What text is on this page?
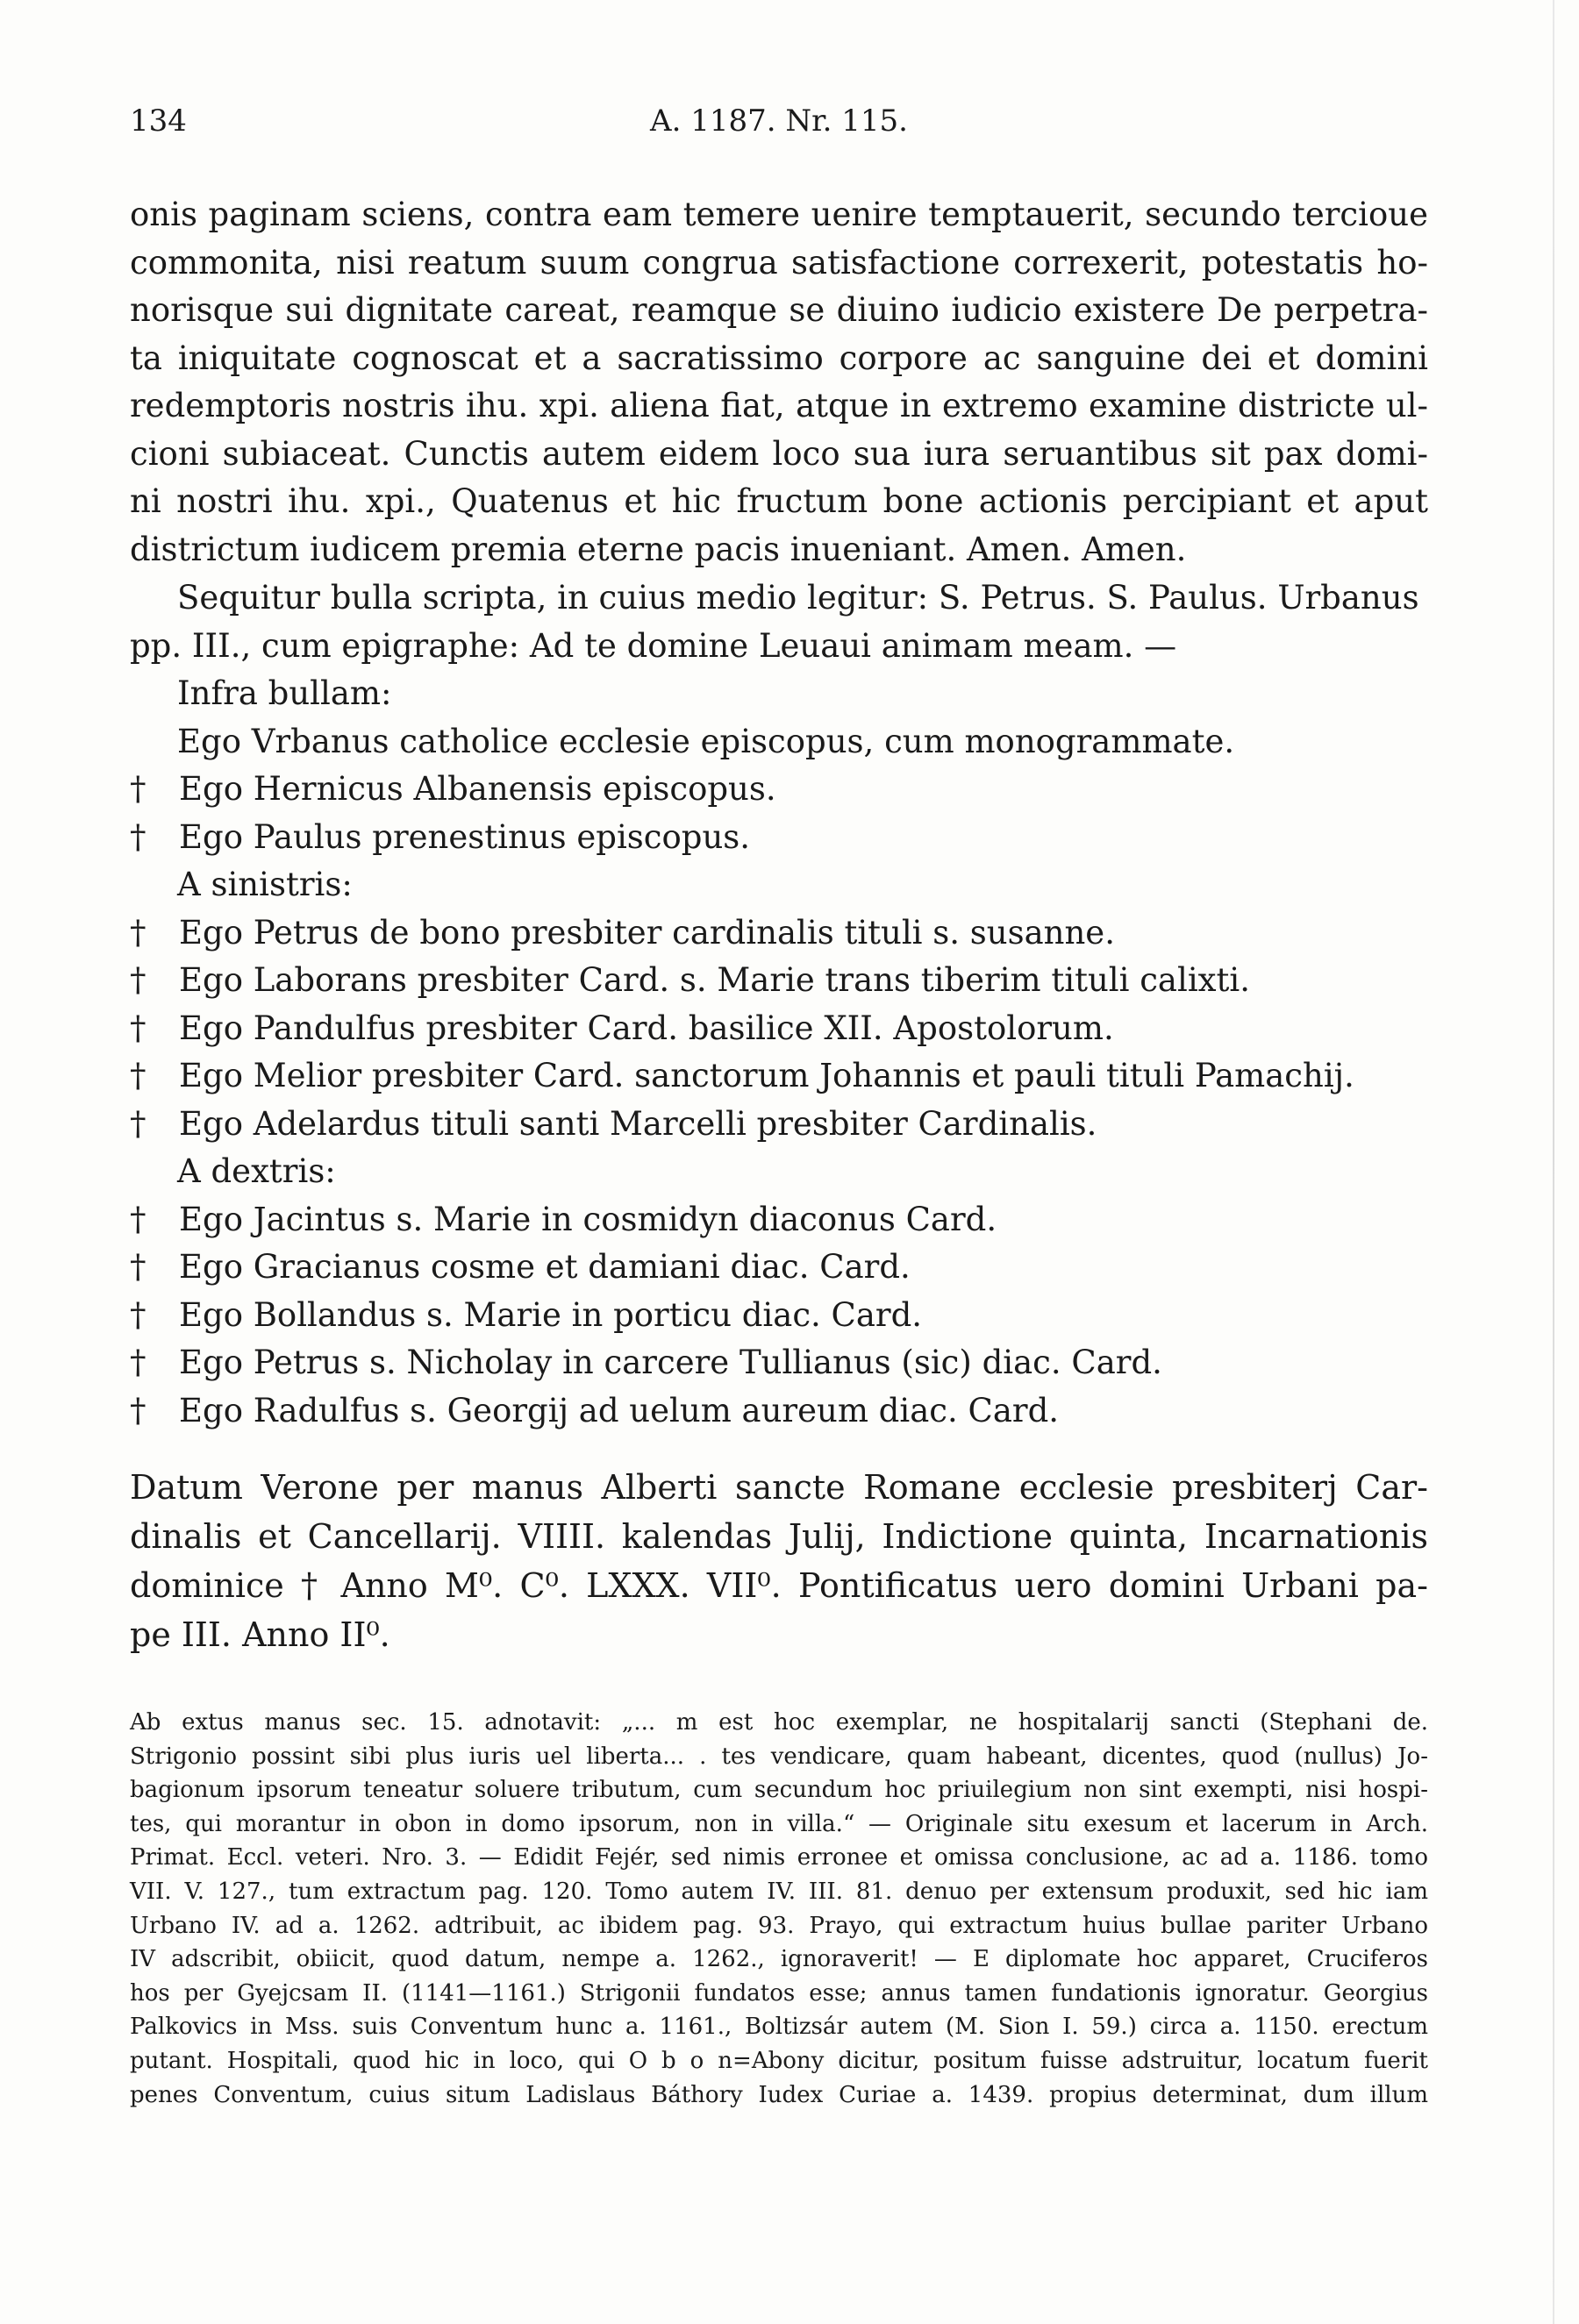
134	A. 1187. Nr. 115.
onis paginam sciens, contra eam temere uenire temptauerit, secundo tercioue
commonita, nisi reatum suum congrua satisfactione correxerit, potestatis ho-
norisque sui dignitate careat, reamque se diuino iudicio existere De perpetra-
ta iniquitate cognoscat et a sacratissimo corpore ac sanguine dei et domini
redemptoris nostris ihu. xpi. aliena fiat, atque in extremo examine districte ul-
cioni subiaceat. Cunctis autem eidem loco sua iura seruantibus sit pax domi-
ni nostri ihu. xpi., Quatenus et hic fructum bone actionis percipiant et aput
districtum iudicem premia eterne pacis inueniant. Amen. Amen.
Sequitur bulla scripta, in cuius medio legitur: S. Petrus. S. Paulus. Urbanus
pp. III., cum epigraphe: Ad te domine Leuaui animam meam. —
Infra bullam:
Ego Vrbanus catholice ecclesie episcopus, cum monogrammate.
† Ego Hernicus Albanensis episcopus.
† Ego Paulus prenestinus episcopus.
A sinistris:
† Ego Petrus de bono presbiter cardinalis tituli s. susanne.
† Ego Laborans presbiter Card. s. Marie trans tiberim tituli calixti.
† Ego Pandulfus presbiter Card. basilice XII. Apostolorum.
† Ego Melior presbiter Card. sanctorum Johannis et pauli tituli Pamachij.
† Ego Adelardus tituli santi Marcelli presbiter Cardinalis.
A dextris:
† Ego Jacintus s. Marie in cosmidyn diaconus Card.
† Ego Gracianus cosme et damiani diac. Card.
† Ego Bollandus s. Marie in porticu diac. Card.
† Ego Petrus s. Nicholay in carcere Tullianus (sic) diac. Card.
† Ego Radulfus s. Georgij ad uelum aureum diac. Card.
Datum Verone per manus Alberti sancte Romane ecclesie presbiterj Car-
dinalis et Cancellarij. VIIII. kalendas Julij, Indictione quinta, Incarnationis
dominice † Anno M⁰. C⁰. LXXX. VII⁰. Pontificatus uero domini Urbani pa-
pe III. Anno II⁰.
Ab extus manus sec. 15. adnotavit: „... m est hoc exemplar, ne hospitalarij sancti (Stephani de.
Strigonio possint sibi plus iuris uel liberta... . tes vendicare, quam habeant, dicentes, quod (nullus) Jo-
bagionum ipsorum teneatur soluere tributum, cum secundum hoc priuilegium non sint exempti, nisi hospi-
tes, qui morantur in obon in domo ipsorum, non in villa.“ — Originale situ exesum et lacerum in Arch.
Primat. Eccl. veteri. Nro. 3. — Edidit Fejér, sed nimis erronee et omissa conclusione, ac ad a. 1186. tomo
VII. V. 127., tum extractum pag. 120. Tomo autem IV. III. 81. denuo per extensum produxit, sed hic iam
Urbano IV. ad a. 1262. adtribuit, ac ibidem pag. 93. Prayo, qui extractum huius bullae pariter Urbano
IV adscribit, obiicit, quod datum, nempe a. 1262., ignoraverit! — E diplomate hoc apparet, Cruciferos
hos per Gyejcsam II. (1141—1161.) Strigonii fundatos esse; annus tamen fundationis ignoratur. Georgius
Palkovics in Mss. suis Conventum hunc a. 1161., Boltizsár autem (M. Sion I. 59.) circa a. 1150. erectum
putant. Hospitali, quod hic in loco, qui O b o n=Abony dicitur, positum fuisse adstruitur, locatum fuerit
penes Conventum, cuius situm Ladislaus Báthory Iudex Curiae a. 1439. propius determinat, dum illum
